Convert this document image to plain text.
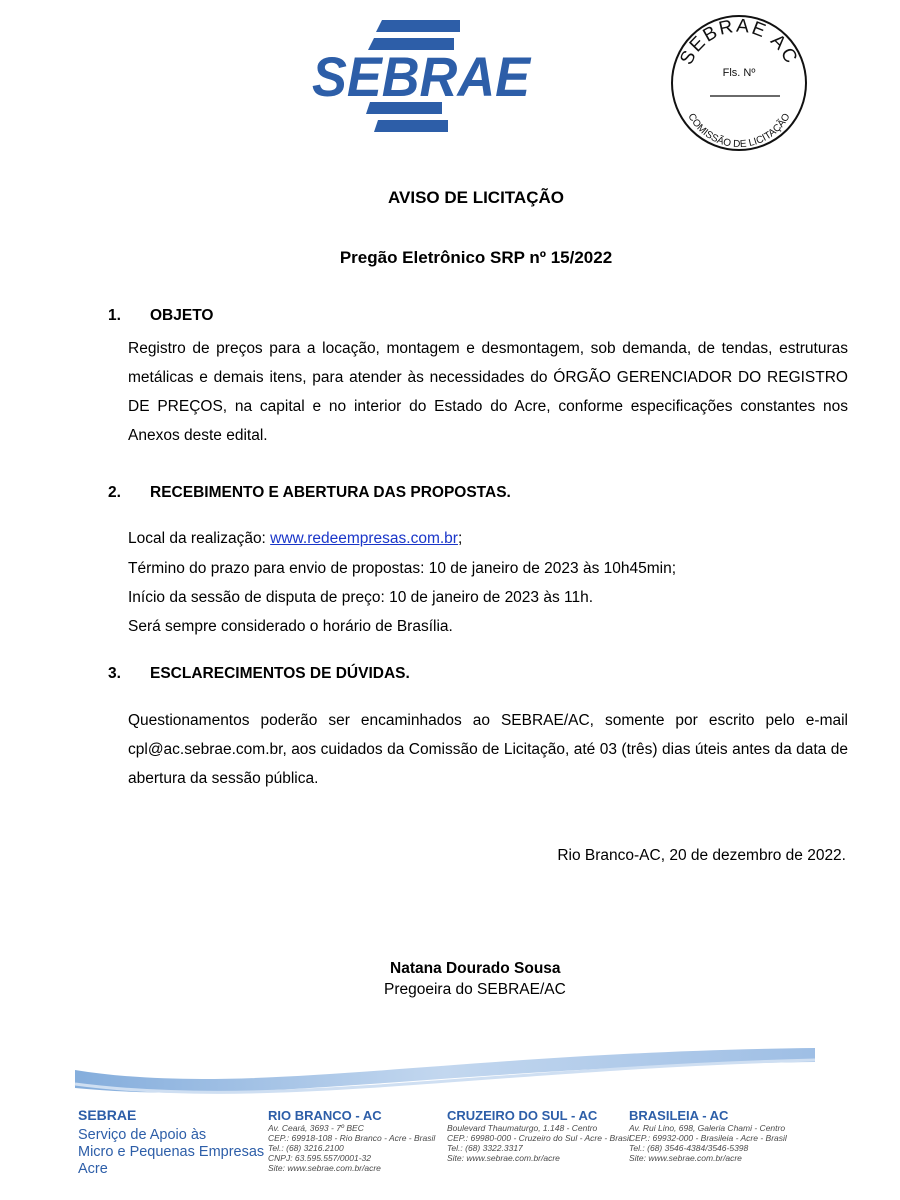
SEBRAE	SEBRAE AC
COMISSÃO DE LICITAÇÃO
Fls. Nº
AVISO DE LICITAÇÃO
Pregão Eletrônico SRP nº 15/2022
1. OBJETO
Registro de preços para a locação, montagem e desmontagem, sob demanda, de tendas, estruturas metálicas e demais itens, para atender às necessidades do ÓRGÃO GERENCIADOR DO REGISTRO DE PREÇOS, na capital e no interior do Estado do Acre, conforme especificações constantes nos Anexos deste edital.
2. RECEBIMENTO E ABERTURA DAS PROPOSTAS.
Local da realização: www.redeempresas.com.br;
Término do prazo para envio de propostas: 10 de janeiro de 2023 às 10h45min;
Início da sessão de disputa de preço: 10 de janeiro de 2023 às 11h.
Será sempre considerado o horário de Brasília.
3. ESCLARECIMENTOS DE DÚVIDAS.
Questionamentos poderão ser encaminhados ao SEBRAE/AC, somente por escrito pelo e-mail cpl@ac.sebrae.com.br, aos cuidados da Comissão de Licitação, até 03 (três) dias úteis antes da data de abertura da sessão pública.
Rio Branco-AC, 20 de dezembro de 2022.
Natana Dourado Sousa
Pregoeira do SEBRAE/AC
SEBRAE
Serviço de Apoio às
Micro e Pequenas Empresas
Acre
RIO BRANCO - AC
Av. Ceará, 3693 - 7º BEC
CEP.: 69918-108 - Rio Branco - Acre - Brasil
Tel.: (68) 3216.2100
CNPJ: 63.595.557/0001-32
Site: www.sebrae.com.br/acre
CRUZEIRO DO SUL - AC
Boulevard Thaumaturgo, 1.148 - Centro
CEP.: 69980-000 - Cruzeiro do Sul - Acre - Brasil
Tel.: (68) 3322.3317
Site: www.sebrae.com.br/acre
BRASILEIA - AC
Av. Rui Lino, 698, Galeria Chami - Centro
CEP.: 69932-000 - Brasileia - Acre - Brasil
Tel.: (68) 3546-4384/3546-5398
Site: www.sebrae.com.br/acre
